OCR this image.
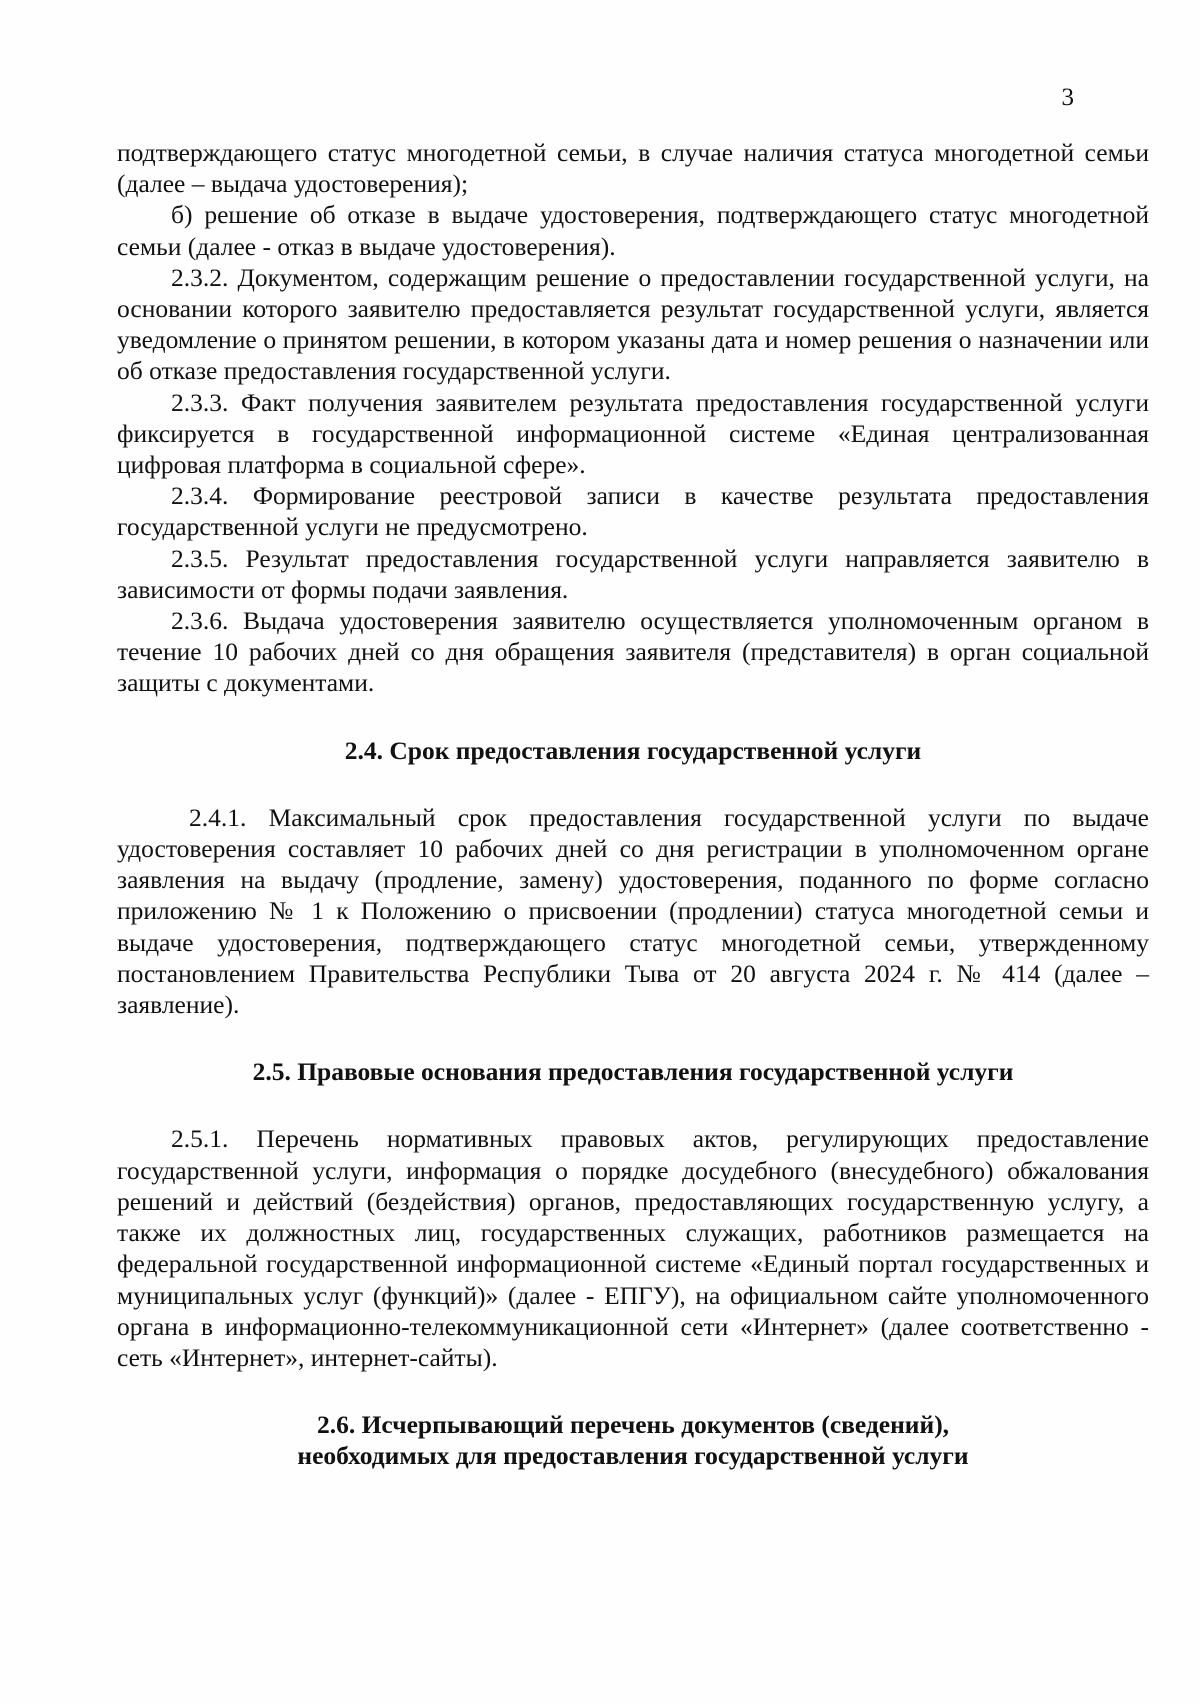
3

подтверждающего статус многодетной семьи, в случае наличия статуса многодетной семьи (далее – выдача удостоверения);

б) решение об отказе в выдаче удостоверения, подтверждающего статус многодетной семьи (далее - отказ в выдаче удостоверения).

2.3.2. Документом, содержащим решение о предоставлении государственной услуги, на основании которого заявителю предоставляется результат государственной услуги, является уведомление о принятом решении, в котором указаны дата и номер решения о назначении или об отказе предоставления государственной услуги.

2.3.3. Факт получения заявителем результата предоставления государственной услуги фиксируется в государственной информационной системе «Единая централизованная цифровая платформа в социальной сфере».

2.3.4. Формирование реестровой записи в качестве результата предоставления государственной услуги не предусмотрено.

2.3.5. Результат предоставления государственной услуги направляется заявителю в зависимости от формы подачи заявления.

2.3.6. Выдача удостоверения заявителю осуществляется уполномоченным органом в течение 10 рабочих дней со дня обращения заявителя (представителя) в орган социальной защиты с документами.

2.4. Срок предоставления государственной услуги

2.4.1. Максимальный срок предоставления государственной услуги по выдаче удостоверения составляет 10 рабочих дней со дня регистрации в уполномоченном органе заявления на выдачу (продление, замену) удостоверения, поданного по форме согласно приложению № 1 к Положению о присвоении (продлении) статуса многодетной семьи и выдаче удостоверения, подтверждающего статус многодетной семьи, утвержденному постановлением Правительства Республики Тыва от 20 августа 2024 г. № 414 (далее – заявление).

2.5. Правовые основания предоставления государственной услуги

2.5.1. Перечень нормативных правовых актов, регулирующих предоставление государственной услуги, информация о порядке досудебного (внесудебного) обжалования решений и действий (бездействия) органов, предоставляющих государственную услугу, а также их должностных лиц, государственных служащих, работников размещается на федеральной государственной информационной системе «Единый портал государственных и муниципальных услуг (функций)» (далее - ЕПГУ), на официальном сайте уполномоченного органа в информационно-телекоммуникационной сети «Интернет» (далее соответственно - сеть «Интернет», интернет-сайты).

2.6. Исчерпывающий перечень документов (сведений),
необходимых для предоставления государственной услуги
